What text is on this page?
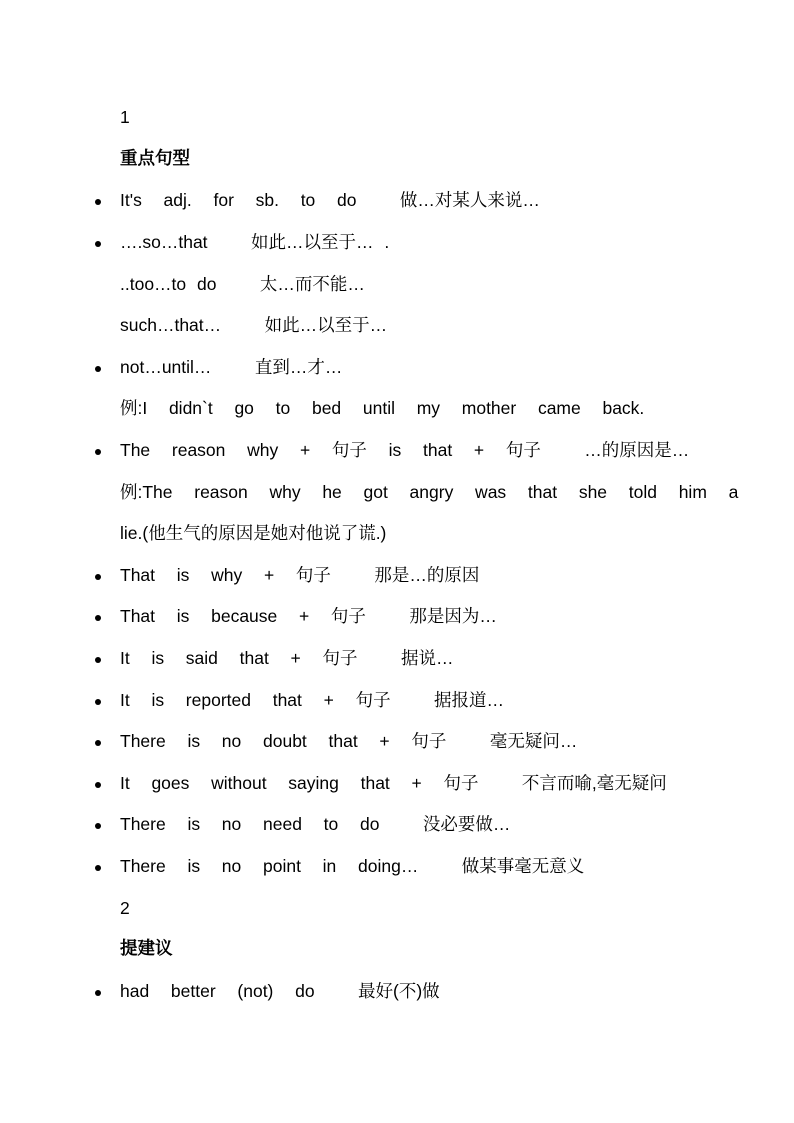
1
重点句型
It's  adj.  for  sb.  to  do    做…对某人来说…
….so…that    如此…以至于… .
..too…to do    太…而不能…
such…that…    如此…以至于…
not…until…    直到…才…
例:I  didn`t  go  to  bed  until  my  mother  came  back.
The  reason  why  +  句子  is  that  +  句子    …的原因是…
例:The  reason  why  he  got  angry  was  that  she  told  him  a
lie.(他生气的原因是她对他说了谎.)
That  is  why  +  句子    那是…的原因
That  is  because  +  句子    那是因为…
It  is  said  that  +  句子    据说…
It  is  reported  that  +  句子    据报道…
There  is  no  doubt  that  +  句子    毫无疑问…
It  goes  without  saying  that  +  句子    不言而喻,毫无疑问
There  is  no  need  to  do    没必要做…
There  is  no  point  in  doing…    做某事毫无意义
2
提建议
had  better  (not)  do    最好(不)做
